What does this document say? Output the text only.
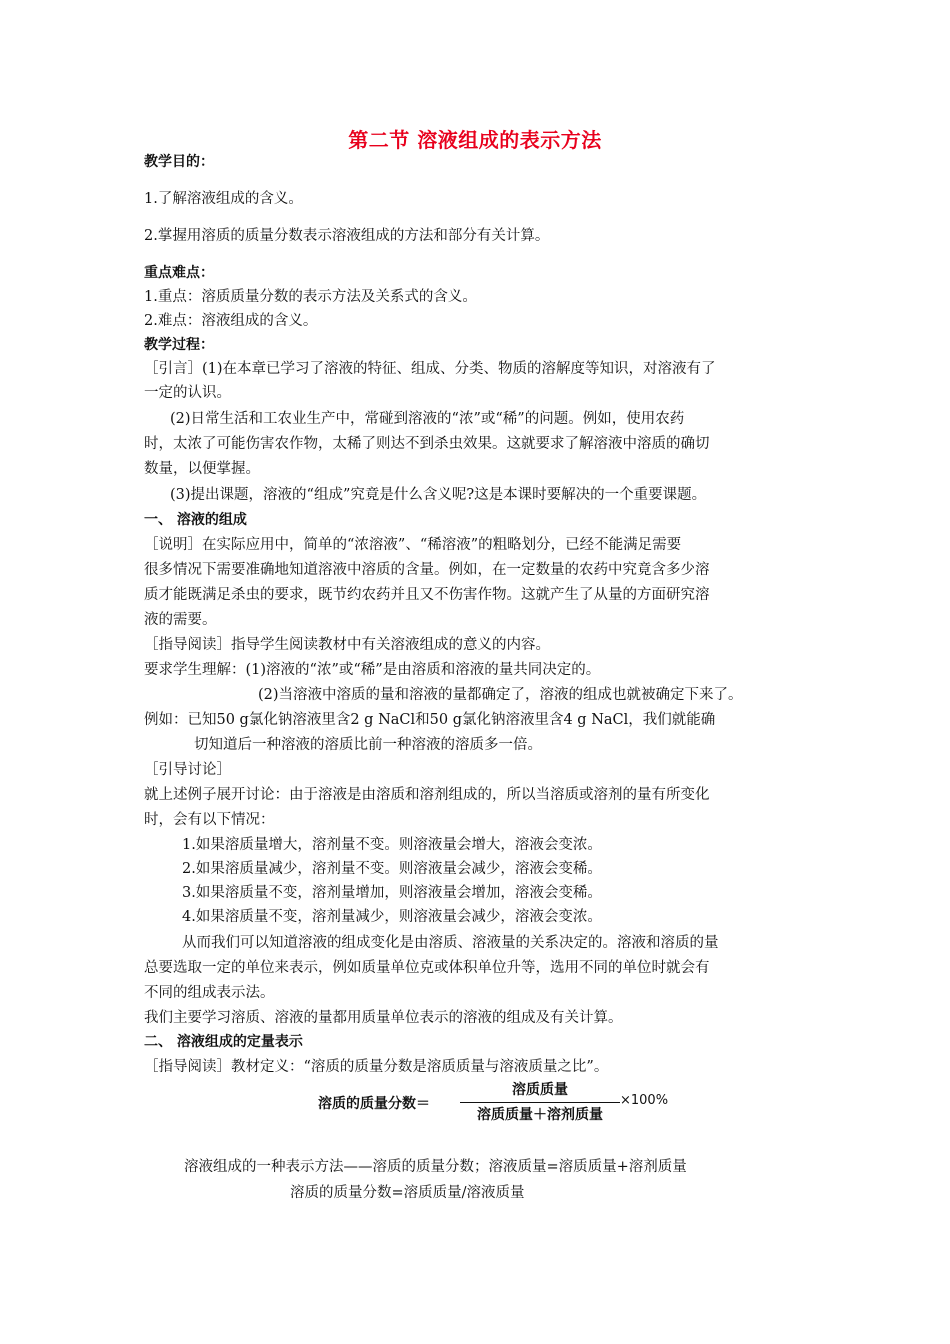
第二节 溶液组成的表示方法
教学目的：
1.了解溶液组成的含义。
2.掌握用溶质的质量分数表示溶液组成的方法和部分有关计算。
重点难点：
1.重点：溶质质量分数的表示方法及关系式的含义。
2.难点：溶液组成的含义。
教学过程：
［引言］(1)在本章已学习了溶液的特征、组成、分类、物质的溶解度等知识，对溶液有了
一定的认识。
(2)日常生活和工农业生产中，常碰到溶液的“浓”或“稀”的问题。例如，使用农药
时，太浓了可能伤害农作物，太稀了则达不到杀虫效果。这就要求了解溶液中溶质的确切
数量，以便掌握。
(3)提出课题，溶液的“组成”究竟是什么含义呢?这是本课时要解决的一个重要课题。
一、 溶液的组成
［说明］在实际应用中，简单的“浓溶液”、“稀溶液”的粗略划分，已经不能满足需要
很多情况下需要准确地知道溶液中溶质的含量。例如，在一定数量的农药中究竟含多少溶
质才能既满足杀虫的要求，既节约农药并且又不伤害作物。这就产生了从量的方面研究溶
液的需要。
［指导阅读］指导学生阅读教材中有关溶液组成的意义的内容。
要求学生理解：(1)溶液的“浓”或“稀”是由溶质和溶液的量共同决定的。
(2)当溶液中溶质的量和溶液的量都确定了，溶液的组成也就被确定下来了。
例如：已知50 g氯化钠溶液里含2 g NaCl和50 g氯化钠溶液里含4 g NaCl，我们就能确
切知道后一种溶液的溶质比前一种溶液的溶质多一倍。
［引导讨论］
就上述例子展开讨论：由于溶液是由溶质和溶剂组成的，所以当溶质或溶剂的量有所变化
时，会有以下情况：
1.如果溶质量增大，溶剂量不变。则溶液量会增大，溶液会变浓。
2.如果溶质量减少，溶剂量不变。则溶液量会减少，溶液会变稀。
3.如果溶质量不变，溶剂量增加，则溶液量会增加，溶液会变稀。
4.如果溶质量不变，溶剂量减少，则溶液量会减少，溶液会变浓。
从而我们可以知道溶液的组成变化是由溶质、溶液量的关系决定的。溶液和溶质的量
总要选取一定的单位来表示，例如质量单位克或体积单位升等，选用不同的单位时就会有
不同的组成表示法。
我们主要学习溶质、溶液的量都用质量单位表示的溶液的组成及有关计算。
二、 溶液组成的定量表示
［指导阅读］教材定义：“溶质的质量分数是溶质质量与溶液质量之比”。
溶质的质量分数＝
溶质质量
溶质质量＋溶剂质量
×100%
溶液组成的一种表示方法——溶质的质量分数；溶液质量=溶质质量+溶剂质量
溶质的质量分数=溶质质量/溶液质量
